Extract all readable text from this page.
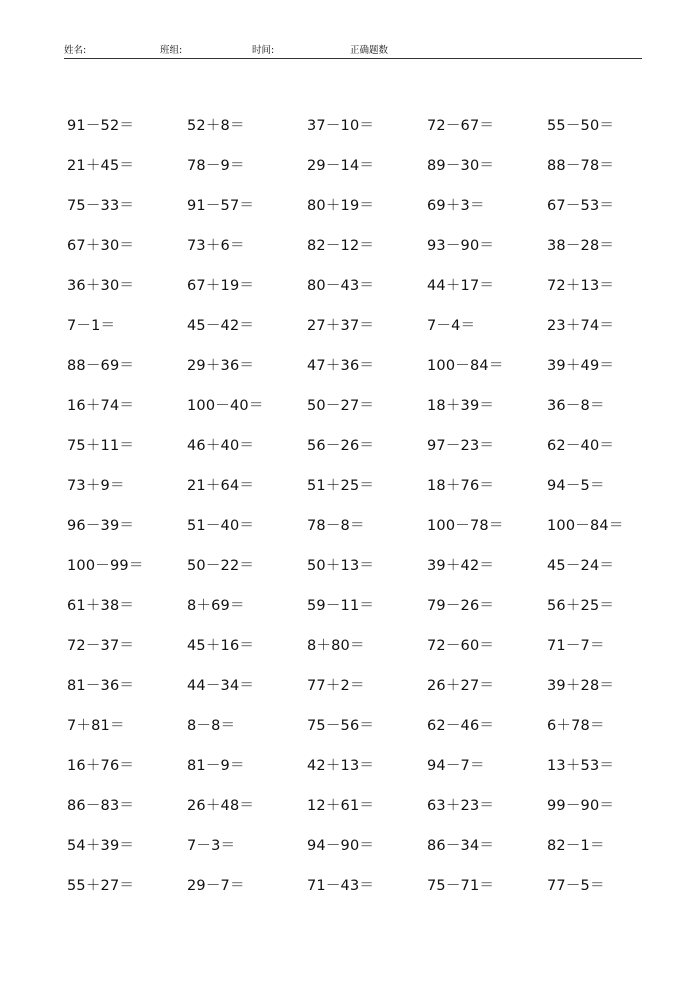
姓名:	班组:	时间:	正确题数
91－52＝	52＋8＝	37－10＝	72－67＝	55－50＝
21＋45＝	78－9＝	29－14＝	89－30＝	88－78＝
75－33＝	91－57＝	80＋19＝	69＋3＝	67－53＝
67＋30＝	73＋6＝	82－12＝	93－90＝	38－28＝
36＋30＝	67＋19＝	80－43＝	44＋17＝	72＋13＝
7－1＝	45－42＝	27＋37＝	7－4＝	23＋74＝
88－69＝	29＋36＝	47＋36＝	100－84＝	39＋49＝
16＋74＝	100－40＝	50－27＝	18＋39＝	36－8＝
75＋11＝	46＋40＝	56－26＝	97－23＝	62－40＝
73＋9＝	21＋64＝	51＋25＝	18＋76＝	94－5＝
96－39＝	51－40＝	78－8＝	100－78＝	100－84＝
100－99＝	50－22＝	50＋13＝	39＋42＝	45－24＝
61＋38＝	8＋69＝	59－11＝	79－26＝	56＋25＝
72－37＝	45＋16＝	8＋80＝	72－60＝	71－7＝
81－36＝	44－34＝	77＋2＝	26＋27＝	39＋28＝
7＋81＝	8－8＝	75－56＝	62－46＝	6＋78＝
16＋76＝	81－9＝	42＋13＝	94－7＝	13＋53＝
86－83＝	26＋48＝	12＋61＝	63＋23＝	99－90＝
54＋39＝	7－3＝	94－90＝	86－34＝	82－1＝
55＋27＝	29－7＝	71－43＝	75－71＝	77－5＝
